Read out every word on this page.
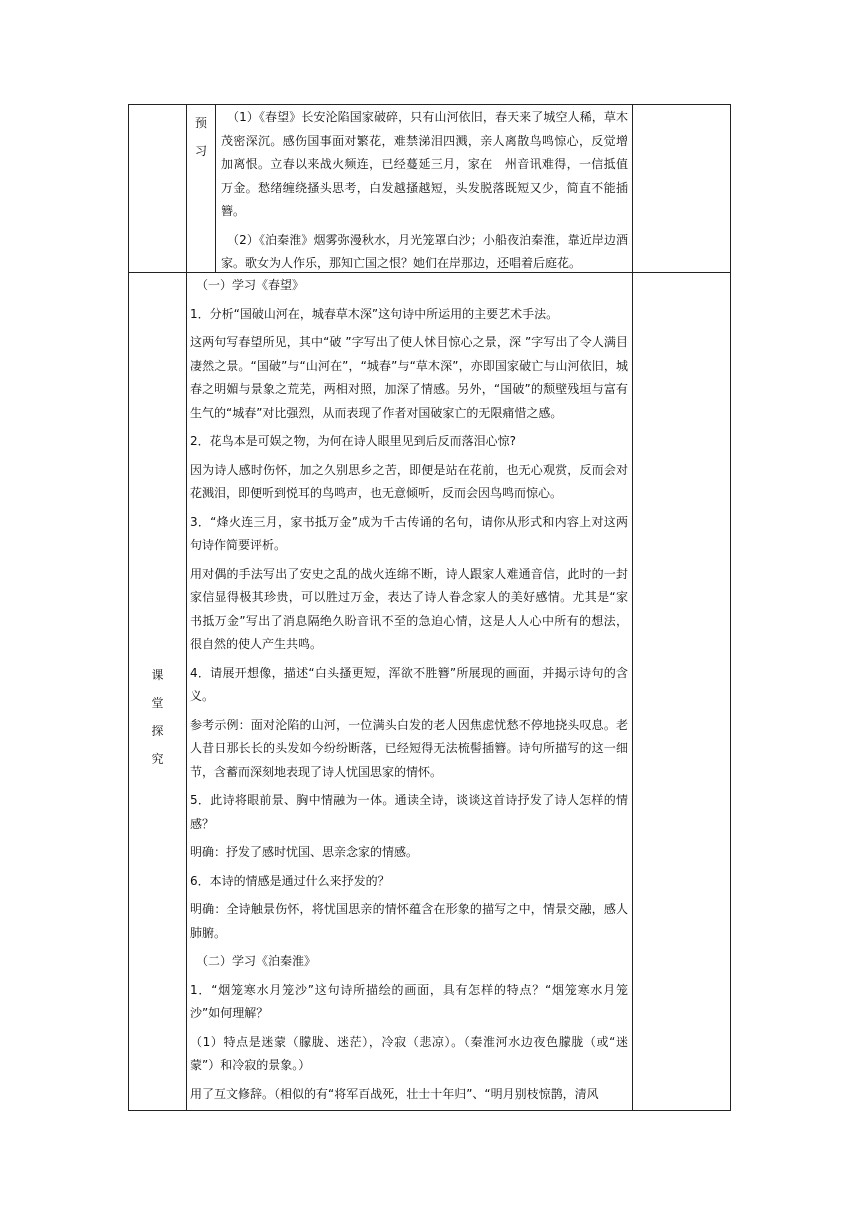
预
习

（1）《春望》长安沦陷国家破碎，只有山河依旧，春天来了城空人稀，草木茂密深沉。感伤国事面对繁花，难禁涕泪四溅，亲人离散鸟鸣惊心，反觉增加离恨。立春以来战火频连，已经蔓延三月，家在　州音讯难得，一信抵值万金。愁绪缠绕搔头思考，白发越搔越短，头发脱落既短又少，简直不能插簪。

（2）《泊秦淮》烟雾弥漫秋水，月光笼罩白沙；小船夜泊秦淮，靠近岸边酒家。歌女为人作乐，那知亡国之恨？她们在岸那边，还唱着后庭花。

课
堂
探
究

（一）学习《春望》

1．分析“国破山河在，城春草木深”这句诗中所运用的主要艺术手法。

这两句写春望所见，其中“破 ”字写出了使人怵目惊心之景，深 ”字写出了令人满目凄然之景。“国破”与“山河在”，“城春”与“草木深”，亦即国家破亡与山河依旧，城春之明媚与景象之荒芜，两相对照，加深了情感。另外，“国破”的颓壁残垣与富有生气的“城春”对比强烈，从而表现了作者对国破家亡的无限痛惜之感。

2．花鸟本是可娱之物，为何在诗人眼里见到后反而落泪心惊?

因为诗人感时伤怀，加之久别思乡之苦，即便是站在花前，也无心观赏，反而会对花溅泪，即便听到悦耳的鸟鸣声，也无意倾听，反而会因鸟鸣而惊心。

3．“烽火连三月，家书抵万金”成为千古传诵的名句，请你从形式和内容上对这两句诗作简要评析。

用对偶的手法写出了安史之乱的战火连绵不断，诗人跟家人难通音信，此时的一封家信显得极其珍贵，可以胜过万金，表达了诗人眷念家人的美好感情。尤其是“家书抵万金”写出了消息隔绝久盼音讯不至的急迫心情，这是人人心中所有的想法，很自然的使人产生共鸣。

4．请展开想像，描述“白头搔更短，浑欲不胜簪”所展现的画面，并揭示诗句的含义。

参考示例：面对沦陷的山河，一位满头白发的老人因焦虑忧愁不停地挠头叹息。老人昔日那长长的头发如今纷纷断落，已经短得无法梳髻插簪。诗句所描写的这一细节，含蓄而深刻地表现了诗人忧国思家的情怀。

5．此诗将眼前景、胸中情融为一体。通读全诗，谈谈这首诗抒发了诗人怎样的情感？

明确：抒发了感时忧国、思亲念家的情感。

6．本诗的情感是通过什么来抒发的？

明确：全诗触景伤怀，将忧国思亲的情怀蕴含在形象的描写之中，情景交融，感人肺腑。

（二）学习《泊秦淮》

1．“烟笼寒水月笼沙”这句诗所描绘的画面，具有怎样的特点？“烟笼寒水月笼沙”如何理解？

（1）特点是迷蒙（朦胧、迷茫），冷寂（悲凉）。（秦淮河水边夜色朦胧（或“迷蒙”）和冷寂的景象。）

用了互文修辞。（相似的有“将军百战死，壮士十年归”、“明月别枝惊鹊，清风
